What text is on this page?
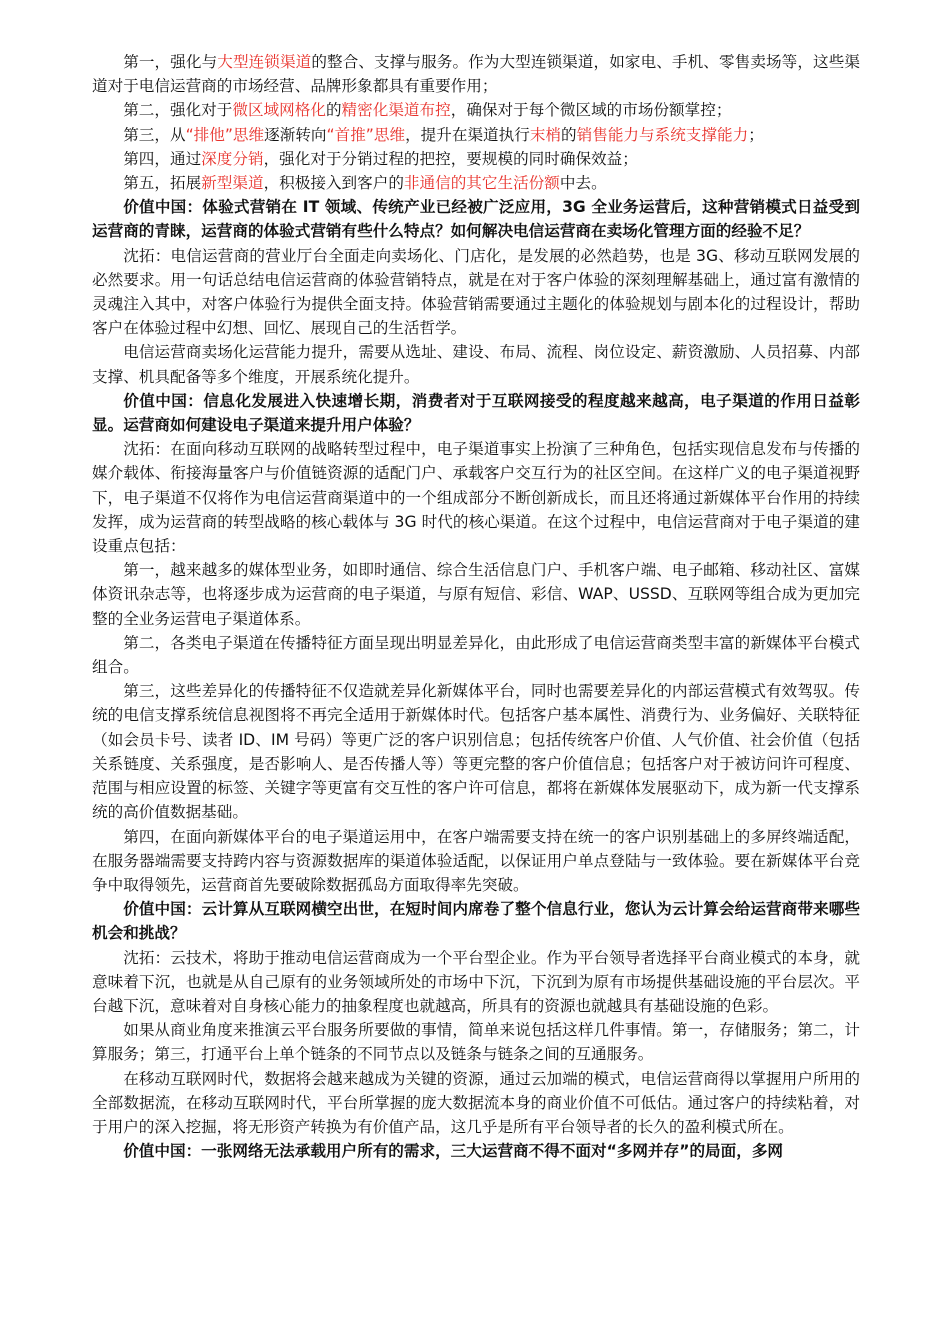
第一，强化与大型连锁渠道的整合、支撑与服务。作为大型连锁渠道，如家电、手机、零售卖场等，这些渠道对于电信运营商的市场经营、品牌形象都具有重要作用；

第二，强化对于微区域网格化的精密化渠道布控，确保对于每个微区域的市场份额掌控；

第三，从“排他”思维逐渐转向“首推”思维，提升在渠道执行末梢的销售能力与系统支撑能力；

第四，通过深度分销，强化对于分销过程的把控，要规模的同时确保效益；

第五，拓展新型渠道，积极接入到客户的非通信的其它生活份额中去。

价值中国：体验式营销在 IT 领域、传统产业已经被广泛应用，3G 全业务运营后，这种营销模式日益受到运营商的青睐，运营商的体验式营销有些什么特点？如何解决电信运营商在卖场化管理方面的经验不足？

沈拓：电信运营商的营业厅台全面走向卖场化、门店化，是发展的必然趋势，也是 3G、移动互联网发展的必然要求。用一句话总结电信运营商的体验营销特点，就是在对于客户体验的深刻理解基础上，通过富有激情的灵魂注入其中，对客户体验行为提供全面支持。体验营销需要通过主题化的体验规划与剧本化的过程设计，帮助客户在体验过程中幻想、回忆、展现自己的生活哲学。

电信运营商卖场化运营能力提升，需要从选址、建设、布局、流程、岗位设定、薪资激励、人员招募、内部支撑、机具配备等多个维度，开展系统化提升。

价值中国：信息化发展进入快速增长期，消费者对于互联网接受的程度越来越高，电子渠道的作用日益彰显。运营商如何建设电子渠道来提升用户体验？

沈拓：在面向移动互联网的战略转型过程中，电子渠道事实上扮演了三种角色，包括实现信息发布与传播的媒介载体、衔接海量客户与价值链资源的适配门户、承载客户交互行为的社区空间。在这样广义的电子渠道视野下，电子渠道不仅将作为电信运营商渠道中的一个组成部分不断创新成长，而且还将通过新媒体平台作用的持续发挥，成为运营商的转型战略的核心载体与 3G 时代的核心渠道。在这个过程中，电信运营商对于电子渠道的建设重点包括：

第一，越来越多的媒体型业务，如即时通信、综合生活信息门户、手机客户端、电子邮箱、移动社区、富媒体资讯杂志等，也将逐步成为运营商的电子渠道，与原有短信、彩信、WAP、USSD、互联网等组合成为更加完整的全业务运营电子渠道体系。

第二，各类电子渠道在传播特征方面呈现出明显差异化，由此形成了电信运营商类型丰富的新媒体平台模式组合。

第三，这些差异化的传播特征不仅造就差异化新媒体平台，同时也需要差异化的内部运营模式有效驾驭。传统的电信支撑系统信息视图将不再完全适用于新媒体时代。包括客户基本属性、消费行为、业务偏好、关联特征（如会员卡号、读者 ID、IM 号码）等更广泛的客户识别信息；包括传统客户价值、人气价值、社会价值（包括关系链度、关系强度，是否影响人、是否传播人等）等更完整的客户价值信息；包括客户对于被访问许可程度、范围与相应设置的标签、关键字等更富有交互性的客户许可信息，都将在新媒体发展驱动下，成为新一代支撑系统的高价值数据基础。

第四，在面向新媒体平台的电子渠道运用中，在客户端需要支持在统一的客户识别基础上的多屏终端适配，在服务器端需要支持跨内容与资源数据库的渠道体验适配，以保证用户单点登陆与一致体验。要在新媒体平台竞争中取得领先，运营商首先要破除数据孤岛方面取得率先突破。

价值中国：云计算从互联网横空出世，在短时间内席卷了整个信息行业，您认为云计算会给运营商带来哪些机会和挑战？

沈拓：云技术，将助于推动电信运营商成为一个平台型企业。作为平台领导者选择平台商业模式的本身，就意味着下沉，也就是从自己原有的业务领域所处的市场中下沉，下沉到为原有市场提供基础设施的平台层次。平台越下沉，意味着对自身核心能力的抽象程度也就越高，所具有的资源也就越具有基础设施的色彩。

如果从商业角度来推演云平台服务所要做的事情，简单来说包括这样几件事情。第一，存储服务；第二，计算服务；第三，打通平台上单个链条的不同节点以及链条与链条之间的互通服务。

在移动互联网时代，数据将会越来越成为关键的资源，通过云加端的模式，电信运营商得以掌握用户所用的全部数据流，在移动互联网时代，平台所掌握的庞大数据流本身的商业价值不可低估。通过客户的持续粘着，对于用户的深入挖掘，将无形资产转换为有价值产品，这几乎是所有平台领导者的长久的盈利模式所在。

价值中国：一张网络无法承载用户所有的需求，三大运营商不得不面对“多网并存”的局面，多网
